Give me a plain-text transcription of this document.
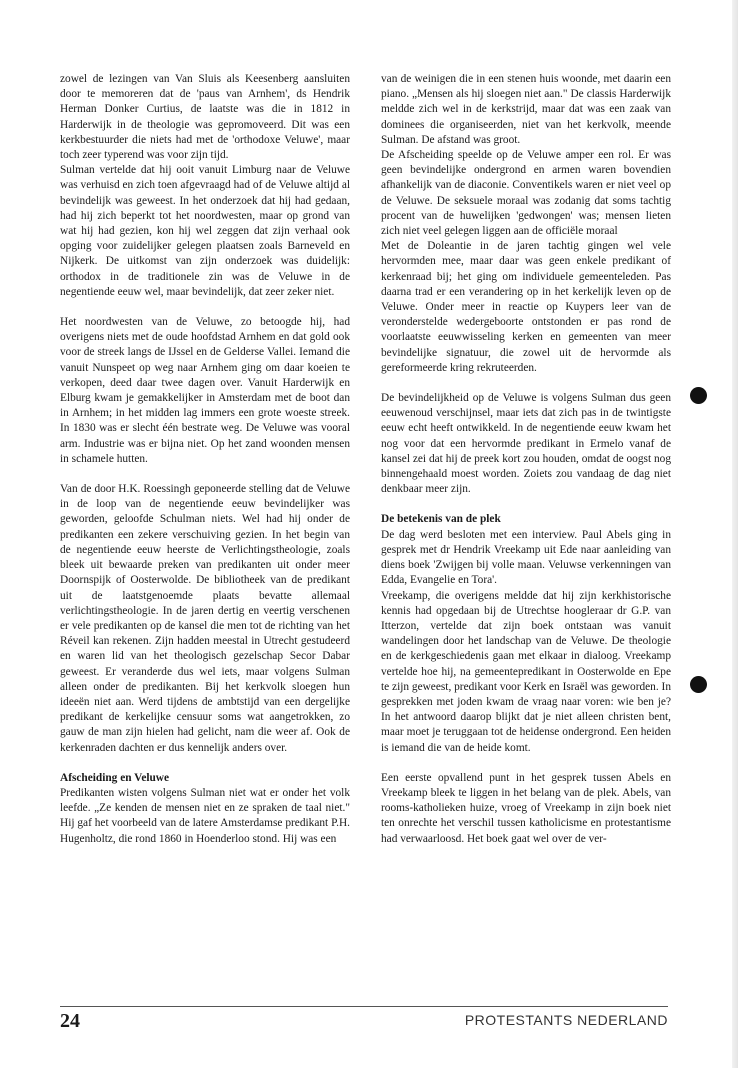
zowel de lezingen van Van Sluis als Keesenberg aansluiten door te memoreren dat de 'paus van Arnhem', ds Hendrik Herman Donker Curtius, de laatste was die in 1812 in Harderwijk in de theologie was gepromoveerd. Dit was een kerkbestuurder die niets had met de 'orthodoxe Veluwe', maar toch zeer typerend was voor zijn tijd.

Sulman vertelde dat hij ooit vanuit Limburg naar de Veluwe was verhuisd en zich toen afgevraagd had of de Veluwe altijd al bevindelijk was geweest. In het onderzoek dat hij had gedaan, had hij zich beperkt tot het noordwesten, maar op grond van wat hij had gezien, kon hij wel zeggen dat zijn verhaal ook opging voor zuidelijker gelegen plaatsen zoals Barneveld en Nijkerk. De uitkomst van zijn onderzoek was duidelijk: orthodox in de traditionele zin was de Veluwe in de negentiende eeuw wel, maar bevindelijk, dat zeer zeker niet.

Het noordwesten van de Veluwe, zo betoogde hij, had overigens niets met de oude hoofdstad Arnhem en dat gold ook voor de streek langs de IJssel en de Gelderse Vallei. Iemand die vanuit Nunspeet op weg naar Arnhem ging om daar koeien te verkopen, deed daar twee dagen over. Vanuit Harderwijk en Elburg kwam je gemakkelijker in Amsterdam met de boot dan in Arnhem; in het midden lag immers een grote woeste streek. In 1830 was er slecht één bestrate weg. De Veluwe was vooral arm. Industrie was er bijna niet. Op het zand woonden mensen in schamele hutten.

Van de door H.K. Roessingh geponeerde stelling dat de Veluwe in de loop van de negentiende eeuw bevindelijker was geworden, geloofde Schulman niets. Wel had hij onder de predikanten een zekere verschuiving gezien. In het begin van de negentiende eeuw heerste de Verlichtingstheologie, zoals bleek uit bewaarde preken van predikanten uit onder meer Doornspijk of Oosterwolde. De bibliotheek van de predikant uit de laatstgenoemde plaats bevatte allemaal verlichtingstheologie. In de jaren dertig en veertig verschenen er vele predikanten op de kansel die men tot de richting van het Réveil kan rekenen. Zijn hadden meestal in Utrecht gestudeerd en waren lid van het theologisch gezelschap Secor Dabar geweest. Er veranderde dus wel iets, maar volgens Sulman alleen onder de predikanten. Bij het kerkvolk sloegen hun ideeën niet aan. Werd tijdens de ambtstijd van een dergelijke predikant de kerkelijke censuur soms wat aangetrokken, zo gauw de man zijn hielen had gelicht, nam die weer af. Ook de kerkenraden dachten er dus kennelijk anders over.

Afscheiding en Veluwe

Predikanten wisten volgens Sulman niet wat er onder het volk leefde. „Ze kenden de mensen niet en ze spraken de taal niet." Hij gaf het voorbeeld van de latere Amsterdamse predikant P.H. Hugenholtz, die rond 1860 in Hoenderloo stond. Hij was een

van de weinigen die in een stenen huis woonde, met daarin een piano. „Mensen als hij sloegen niet aan." De classis Harderwijk meldde zich wel in de kerkstrijd, maar dat was een zaak van dominees die organiseerden, niet van het kerkvolk, meende Sulman. De afstand was groot.

De Afscheiding speelde op de Veluwe amper een rol. Er was geen bevindelijke ondergrond en armen waren bovendien afhankelijk van de diaconie. Conventikels waren er niet veel op de Veluwe. De seksuele moraal was zodanig dat soms tachtig procent van de huwelijken 'gedwongen' was; mensen lieten zich niet veel gelegen liggen aan de officiële moraal

Met de Doleantie in de jaren tachtig gingen wel vele hervormden mee, maar daar was geen enkele predikant of kerkenraad bij; het ging om individuele gemeenteleden. Pas daarna trad er een verandering op in het kerkelijk leven op de Veluwe. Onder meer in reactie op Kuypers leer van de veronderstelde wedergeboorte ontstonden er pas rond de voorlaatste eeuwwisseling kerken en gemeenten van meer bevindelijke signatuur, die zowel uit de hervormde als gereformeerde kring rekruteerden.

De bevindelijkheid op de Veluwe is volgens Sulman dus geen eeuwenoud verschijnsel, maar iets dat zich pas in de twintigste eeuw echt heeft ontwikkeld. In de negentiende eeuw kwam het nog voor dat een hervormde predikant in Ermelo vanaf de kansel zei dat hij de preek kort zou houden, omdat de oogst nog binnengehaald moest worden. Zoiets zou vandaag de dag niet denkbaar meer zijn.

De betekenis van de plek

De dag werd besloten met een interview. Paul Abels ging in gesprek met dr Hendrik Vreekamp uit Ede naar aanleiding van diens boek 'Zwijgen bij volle maan. Veluwse verkenningen van Edda, Evangelie en Tora'.

Vreekamp, die overigens meldde dat hij zijn kerkhistorische kennis had opgedaan bij de Utrechtse hoogleraar dr G.P. van Itterzon, vertelde dat zijn boek ontstaan was vanuit wandelingen door het landschap van de Veluwe. De theologie en de kerkgeschiedenis gaan met elkaar in dialoog. Vreekamp vertelde hoe hij, na gemeentepredikant in Oosterwolde en Epe te zijn geweest, predikant voor Kerk en Israël was geworden. In gesprekken met joden kwam de vraag naar voren: wie ben je? In het antwoord daarop blijkt dat je niet alleen christen bent, maar moet je teruggaan tot de heidense ondergrond. Een heiden is iemand die van de heide komt.

Een eerste opvallend punt in het gesprek tussen Abels en Vreekamp bleek te liggen in het belang van de plek. Abels, van rooms-katholieken huize, vroeg of Vreekamp in zijn boek niet ten onrechte het verschil tussen katholicisme en protestantisme had verwaarloosd. Het boek gaat wel over de ver-

24	PROTESTANTS NEDERLAND
